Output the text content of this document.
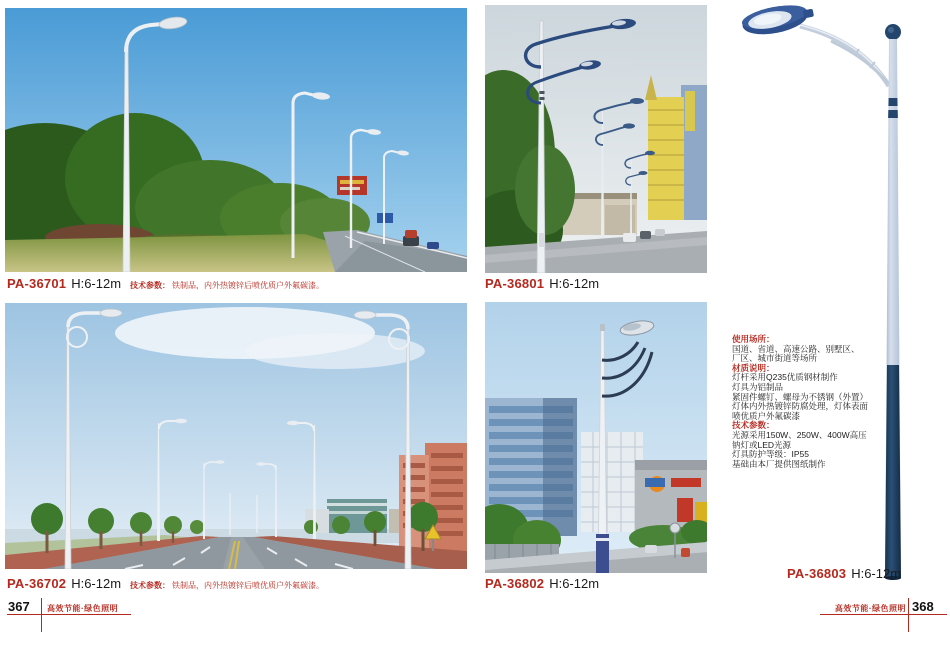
PA-36701 H:6-12m 技术参数： 铁制品，内外热镀锌后喷优质户外氟碳漆。	PA-36801 H:6-12m
PA-36702 H:6-12m 技术参数： 铁制品，内外热镀锌后喷优质户外氟碳漆。	PA-36802 H:6-12m
PA-36803 H:6-12m
使用场所：
国道、省道、高速公路、别墅区、
厂区、城市街道等场所
材质说明：
灯杆采用Q235优质钢材制作
灯具为铝制品
紧固件螺钉、螺母为不锈钢（外置）
灯体内外热镀锌防腐处理，灯体表面
喷优质户外氟碳漆
技术参数：
光源采用150W、250W、400W高压
钠灯或LED光源
灯具防护等级：IP55
基础由本厂提供图纸制作
367 高效节能·绿色照明	高效节能·绿色照明 368
